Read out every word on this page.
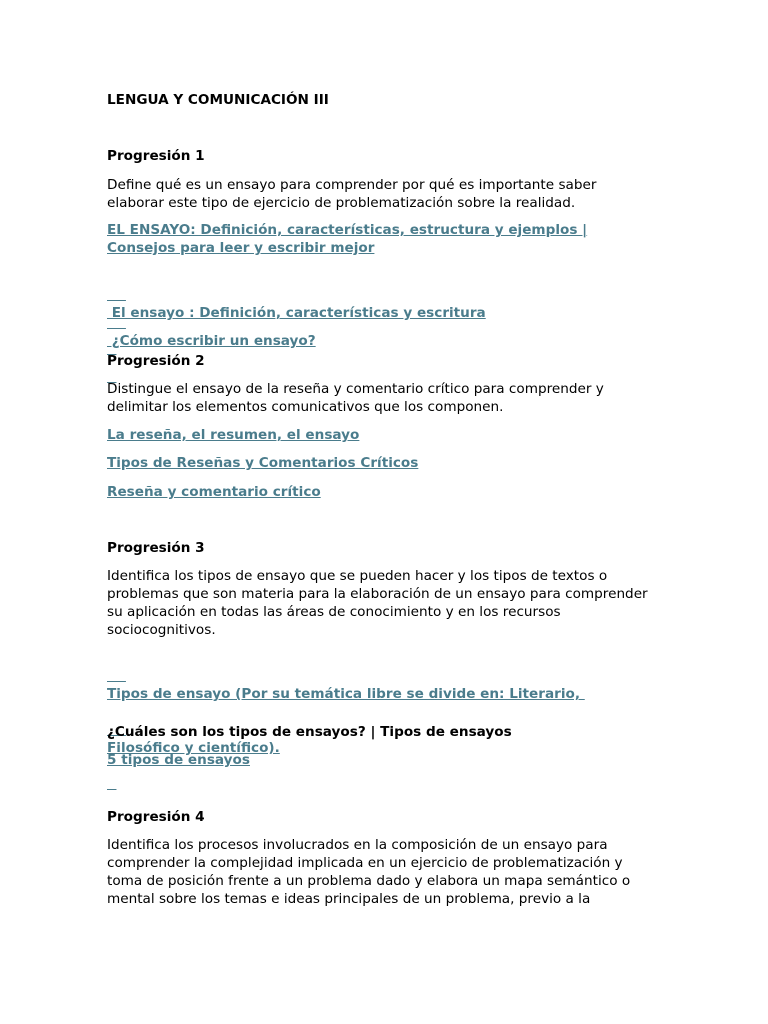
LENGUA Y COMUNICACIÓN III
Progresión 1
Define qué es un ensayo para comprender por qué es importante saber
elaborar este tipo de ejercicio de problematización sobre la realidad.
EL ENSAYO: Definición, características, estructura y ejemplos |
Consejos para leer y escribir mejor

El ensayo : Definición, características y escritura

¿Cómo escribir un ensayo?

Progresión 2
Distingue el ensayo de la reseña y comentario crítico para comprender y
delimitar los elementos comunicativos que los componen.
La reseña, el resumen, el ensayo
Tipos de Reseñas y Comentarios Críticos
Reseña y comentario crítico
Progresión 3
Identifica los tipos de ensayo que se pueden hacer y los tipos de textos o
problemas que son materia para la elaboración de un ensayo para comprender
su aplicación en todas las áreas de conocimiento y en los recursos
sociocognitivos.

Tipos de ensayo (Por su temática libre se divide en: Literario,

Filosófico y científico).

¿Cuáles son los tipos de ensayos? | Tipos de ensayos
5 tipos de ensayos
Progresión 4
Identifica los procesos involucrados en la composición de un ensayo para
comprender la complejidad implicada en un ejercicio de problematización y
toma de posición frente a un problema dado y elabora un mapa semántico o
mental sobre los temas e ideas principales de un problema, previo a la
